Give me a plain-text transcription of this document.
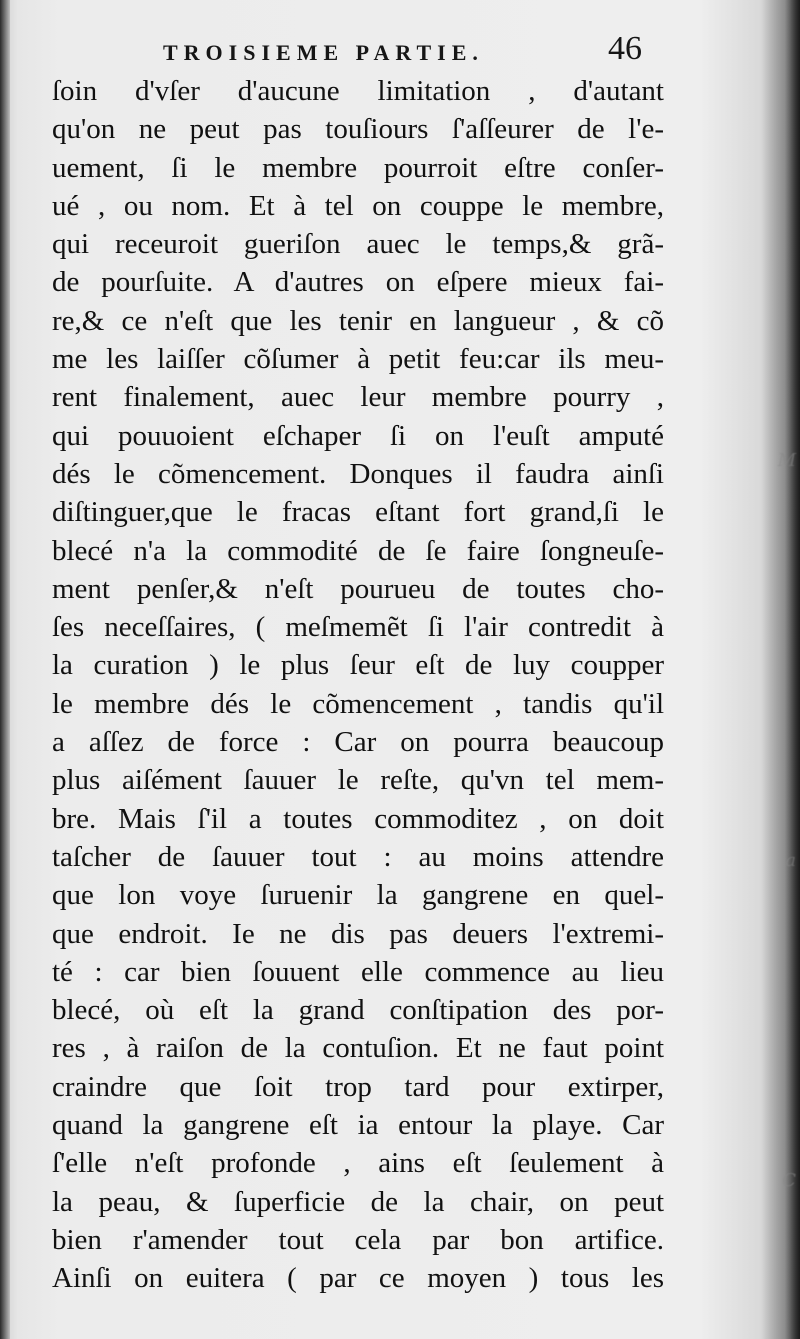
M
a
C
TROISIEME PARTIE.	46
ſoin d'vſer d'aucune limitation , d'autant
qu'on ne peut pas touſiours ſ'aſſeurer de l'e-
uement, ſi le membre pourroit eſtre conſer-
ué , ou nom. Et à tel on couppe le membre,
qui receuroit gueriſon auec le temps,& grã-
de pourſuite. A d'autres on eſpere mieux fai-
re,& ce n'eſt que les tenir en langueur , & cõ
me les laiſſer cõſumer à petit feu:car ils meu-
rent finalement, auec leur membre pourry ,
qui pouuoient eſchaper ſi on l'euſt amputé
dés le cõmencement. Donques il faudra ainſi
diſtinguer,que le fracas eſtant fort grand,ſi le
blecé n'a la commodité de ſe faire ſongneuſe-
ment penſer,& n'eſt pourueu de toutes cho-
ſes neceſſaires, ( meſmemẽt ſi l'air contredit à
la curation ) le plus ſeur eſt de luy coupper
le membre dés le cõmencement , tandis qu'il
a aſſez de force : Car on pourra beaucoup
plus aiſément ſauuer le reſte, qu'vn tel mem-
bre. Mais ſ'il a toutes commoditez , on doit
taſcher de ſauuer tout : au moins attendre
que lon voye ſuruenir la gangrene en quel-
que endroit. Ie ne dis pas deuers l'extremi-
té : car bien ſouuent elle commence au lieu
blecé, où eſt la grand conſtipation des por-
res , à raiſon de la contuſion. Et ne faut point
craindre que ſoit trop tard pour extirper,
quand la gangrene eſt ia entour la playe. Car
ſ'elle n'eſt profonde , ains eſt ſeulement à
la peau, & ſuperficie de la chair, on peut
bien r'amender tout cela par bon artifice.
Ainſi on euitera ( par ce moyen ) tous les
